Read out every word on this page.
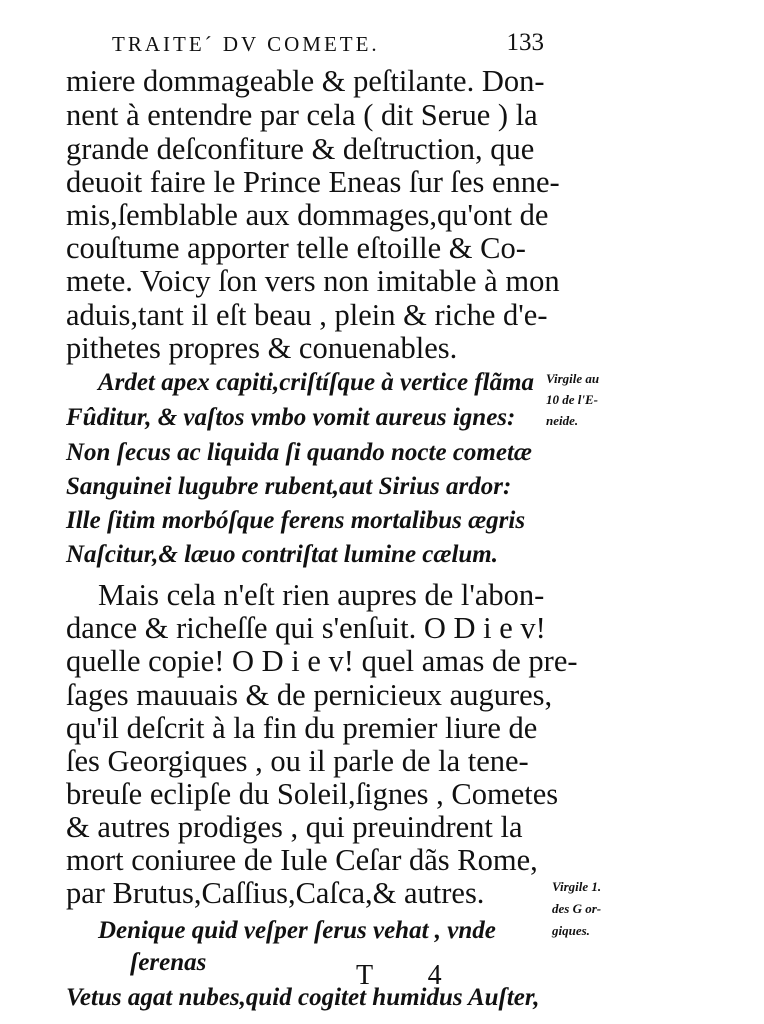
TRAITE´ DV COMETE.	133
miere dommageable & peſtilante. Don-
nent à entendre par cela ( dit Serue ) la
grande deſconfiture & deſtruction, que
deuoit faire le Prince Eneas ſur ſes enne-
mis,ſemblable aux dommages,qu'ont de
couſtume apporter telle eſtoille & Co-
mete. Voicy ſon vers non imitable à mon
aduis,tant il eſt beau , plein & riche d'e-
pithetes propres & conuenables.
Ardet apex capiti,criſtíſque à vertice flãma
Fûditur, & vaſtos vmbo vomit aureus ignes:
Non ſecus ac liquida ſi quando nocte cometæ
Sanguinei lugubre rubent,aut Sirius ardor:
Ille ſitim morbóſque ferens mortalibus ægris
Naſcitur,& læuo contriſtat lumine cælum.
Mais cela n'eſt rien aupres de l'abon-
dance & richeſſe qui s'enſuit. O D i e v!
quelle copie! O D i e v! quel amas de pre-
ſages mauuais & de pernicieux augures,
qu'il deſcrit à la fin du premier liure de
ſes Georgiques , ou il parle de la tene-
breuſe eclipſe du Soleil,ſignes , Cometes
& autres prodiges , qui preuindrent la
mort coniuree de Iule Ceſar dãs Rome,
par Brutus,Caſſius,Caſca,& autres.
Denique quid veſper ſerus vehat , vnde
ſerenas
Vetus agat nubes,quid cogitet humidus Auſter,
Virgile au
10 de l'E-
neide.
Virgile 1.
des G or-
giques.
T 4
